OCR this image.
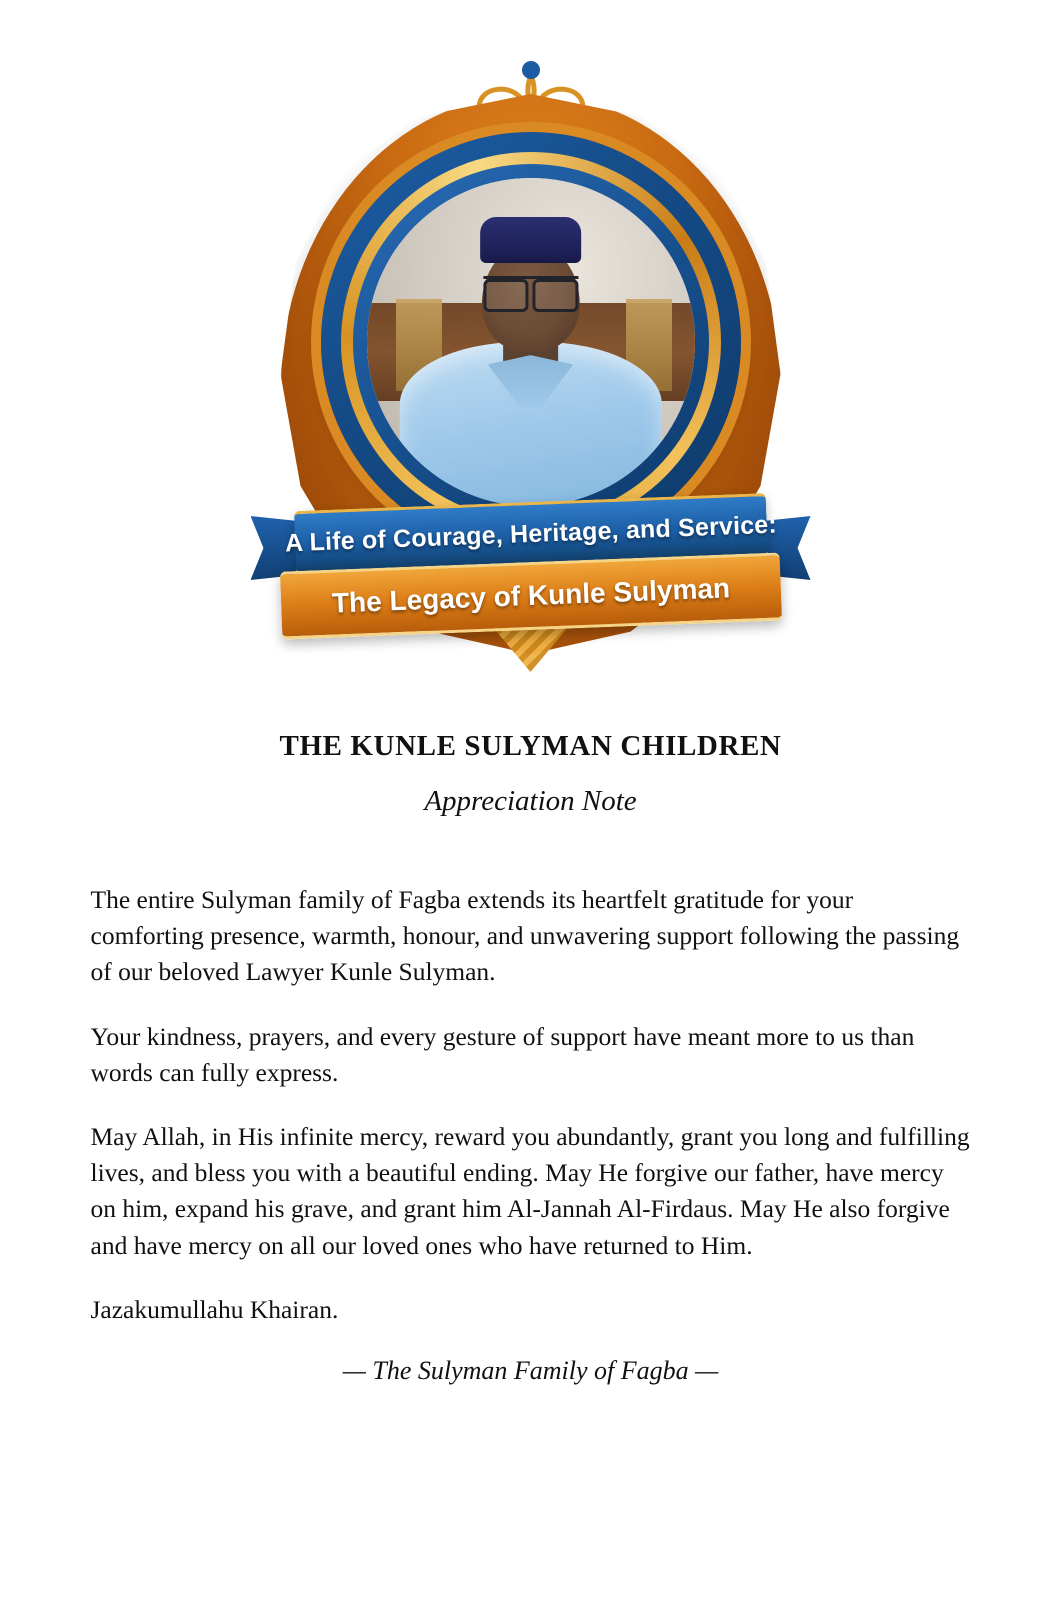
A Life of Courage, Heritage, and Service:
The Legacy of Kunle Sulyman
THE KUNLE SULYMAN CHILDREN
Appreciation Note

The entire Sulyman family of Fagba extends its heartfelt gratitude for your comforting presence, warmth, honour, and unwavering support following the passing of our beloved Lawyer Kunle Sulyman.

Your kindness, prayers, and every gesture of support have meant more to us than words can fully express.

May Allah, in His infinite mercy, reward you abundantly, grant you long and fulfilling lives, and bless you with a beautiful ending. May He forgive our father, have mercy on him, expand his grave, and grant him Al-Jannah Al-Firdaus. May He also forgive and have mercy on all our loved ones who have returned to Him.

Jazakumullahu Khairan.

— The Sulyman Family of Fagba —
